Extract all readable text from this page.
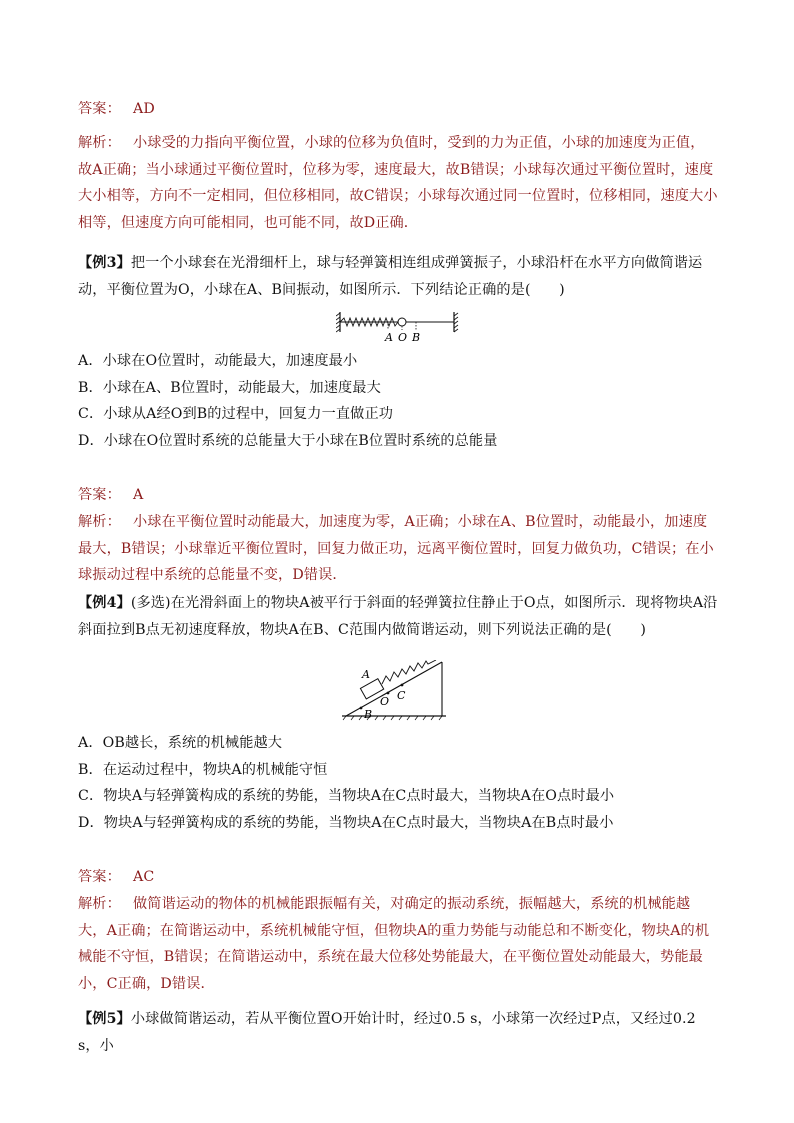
答案： AD
解析： 小球受的力指向平衡位置，小球的位移为负值时，受到的力为正值，小球的加速度为正值，故A正确；当小球通过平衡位置时，位移为零，速度最大，故B错误；小球每次通过平衡位置时，速度大小相等，方向不一定相同，但位移相同，故C错误；小球每次通过同一位置时，位移相同，速度大小相等，但速度方向可能相同，也可能不同，故D正确．
【例3】把一个小球套在光滑细杆上，球与轻弹簧相连组成弹簧振子，小球沿杆在水平方向做简谐运动，平衡位置为O，小球在A、B间振动，如图所示．下列结论正确的是(　　)
A O B
A．小球在O位置时，动能最大，加速度最小
B．小球在A、B位置时，动能最大，加速度最大
C．小球从A经O到B的过程中，回复力一直做正功
D．小球在O位置时系统的总能量大于小球在B位置时系统的总能量
答案： A
解析： 小球在平衡位置时动能最大，加速度为零，A正确；小球在A、B位置时，动能最小，加速度最大，B错误；小球靠近平衡位置时，回复力做正功，远离平衡位置时，回复力做负功，C错误；在小球振动过程中系统的总能量不变，D错误．
【例4】(多选)在光滑斜面上的物块A被平行于斜面的轻弹簧拉住静止于O点，如图所示．现将物块A沿斜面拉到B点无初速度释放，物块A在B、C范围内做简谐运动，则下列说法正确的是(　　)
A
B
O C
A．OB越长，系统的机械能越大
B．在运动过程中，物块A的机械能守恒
C．物块A与轻弹簧构成的系统的势能，当物块A在C点时最大，当物块A在O点时最小
D．物块A与轻弹簧构成的系统的势能，当物块A在C点时最大，当物块A在B点时最小
答案： AC
解析： 做简谐运动的物体的机械能跟振幅有关，对确定的振动系统，振幅越大，系统的机械能越大，A正确；在简谐运动中，系统机械能守恒，但物块A的重力势能与动能总和不断变化，物块A的机械能不守恒，B错误；在简谐运动中，系统在最大位移处势能最大，在平衡位置处动能最大，势能最小，C正确，D错误．
【例5】小球做简谐运动，若从平衡位置O开始计时，经过0.5 s，小球第一次经过P点，又经过0.2 s，小
